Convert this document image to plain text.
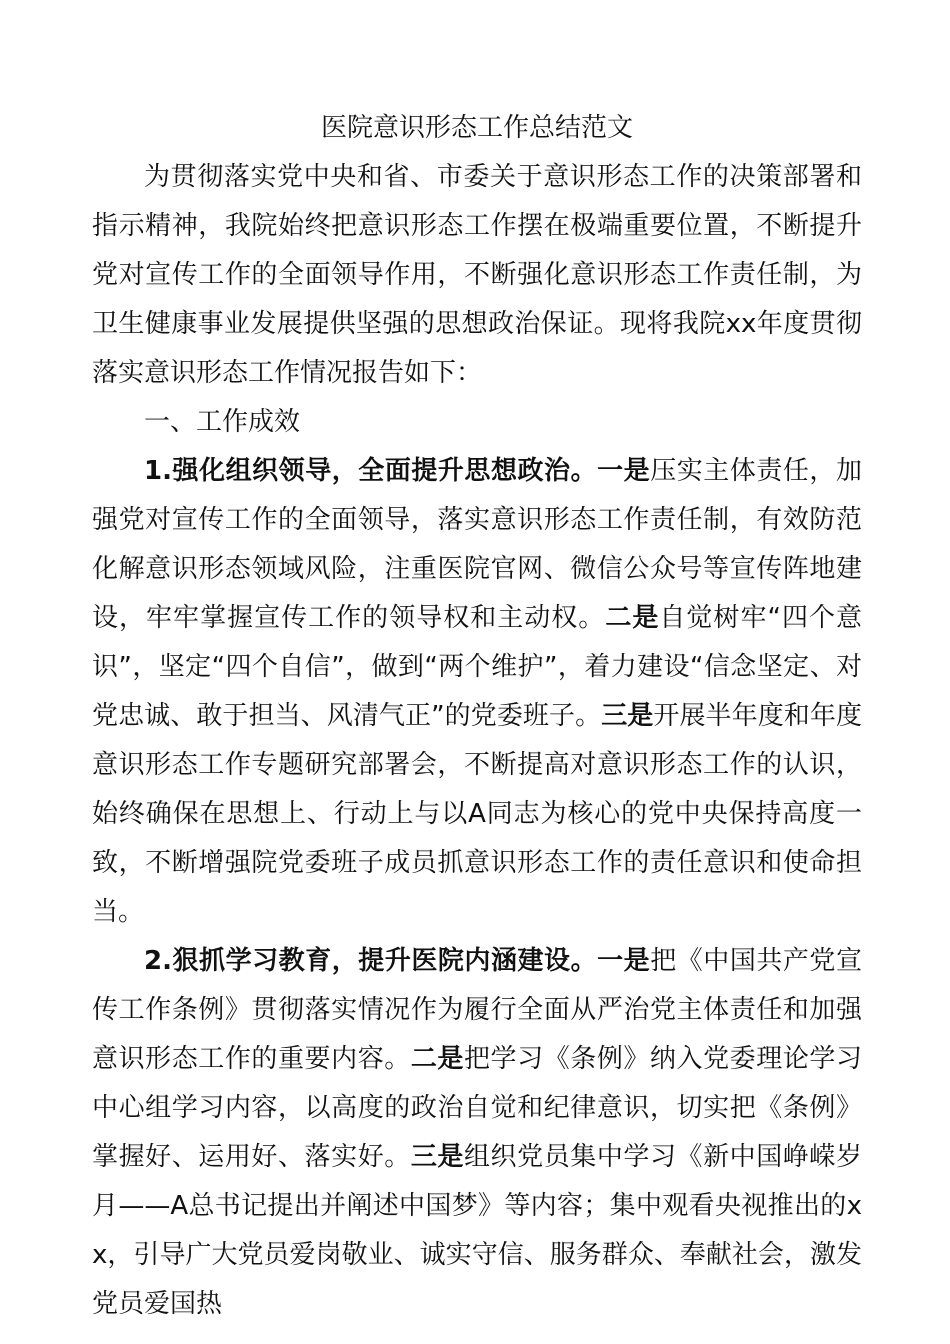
医院意识形态工作总结范文

为贯彻落实党中央和省、市委关于意识形态工作的决策部署和指示精神，我院始终把意识形态工作摆在极端重要位置，不断提升党对宣传工作的全面领导作用，不断强化意识形态工作责任制，为卫生健康事业发展提供坚强的思想政治保证。现将我院xx年度贯彻落实意识形态工作情况报告如下：

一、工作成效

1.强化组织领导，全面提升思想政治。一是压实主体责任，加强党对宣传工作的全面领导，落实意识形态工作责任制，有效防范化解意识形态领域风险，注重医院官网、微信公众号等宣传阵地建设，牢牢掌握宣传工作的领导权和主动权。二是自觉树牢“四个意识”，坚定“四个自信”，做到“两个维护”，着力建设“信念坚定、对党忠诚、敢于担当、风清气正”的党委班子。三是开展半年度和年度意识形态工作专题研究部署会，不断提高对意识形态工作的认识，始终确保在思想上、行动上与以A同志为核心的党中央保持高度一致，不断增强院党委班子成员抓意识形态工作的责任意识和使命担当。

2.狠抓学习教育，提升医院内涵建设。一是把《中国共产党宣传工作条例》贯彻落实情况作为履行全面从严治党主体责任和加强意识形态工作的重要内容。二是把学习《条例》纳入党委理论学习中心组学习内容，以高度的政治自觉和纪律意识，切实把《条例》掌握好、运用好、落实好。三是组织党员集中学习《新中国峥嵘岁月——A总书记提出并阐述中国梦》等内容；集中观看央视推出的xx，引导广大党员爱岗敬业、诚实守信、服务群众、奉献社会，激发党员爱国热
